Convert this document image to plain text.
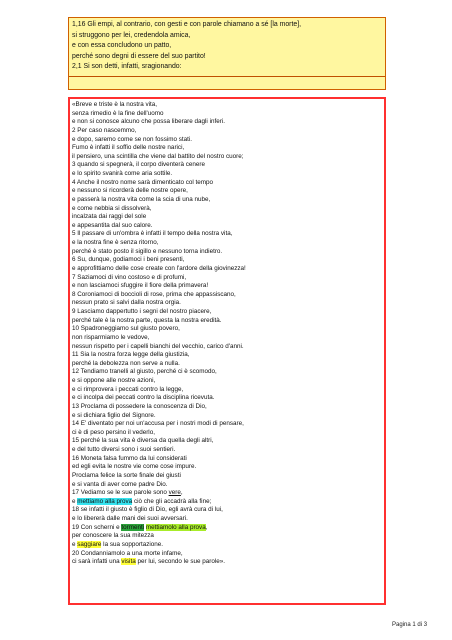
1,16 Gli empi, al contrario, con gesti e con parole chiamano a sé [la morte],
si struggono per lei, credendola amica,
e con essa concludono un patto,
perché sono degni di essere del suo partito!
2,1 Si son detti, infatti, sragionando:
«Breve e triste è la nostra vita,
senza rimedio è la fine dell'uomo
e non si conosce alcuno che possa liberare dagli inferi.
2 Per caso nascemmo,
e dopo, saremo come se non fossimo stati.
Fumo è infatti il soffio delle nostre narici,
il pensiero, una scintilla che viene dal battito del nostro cuore;
3 quando si spegnerà, il corpo diventerà cenere
e lo spirito svanirà come aria sottile.
4 Anche il nostro nome sarà dimenticato col tempo
e nessuno si ricorderà delle nostre opere,
e passerà la nostra vita come la scia di una nube,
e come nebbia si dissolverà,
incalzata dai raggi del sole
e appesantita dal suo calore.
5 Il passare di un'ombra è infatti il tempo della nostra vita,
e la nostra fine è senza ritorno,
perché è stato posto il sigillo e nessuno torna indietro.
6 Su, dunque, godiamoci i beni presenti,
e approfittiamo delle cose create con l'ardore della giovinezza!
7 Saziamoci di vino costoso e di profumi,
e non lasciamoci sfuggire il fiore della primavera!
8 Coroniamoci di boccioli di rose, prima che appassiscano,
nessun prato si salvi dalla nostra orgia.
9 Lasciamo dappertutto i segni del nostro piacere,
perché tale è la nostra parte, questa la nostra eredità.
10 Spadroneggiamo sul giusto povero,
non risparmiamo le vedove,
nessun rispetto per i capelli bianchi del vecchio, carico d'anni.
11 Sia la nostra forza legge della giustizia,
perché la debolezza non serve a nulla.
12 Tendiamo tranelli al giusto, perché ci è scomodo,
e si oppone alle nostre azioni,
e ci rimprovera i peccati contro la legge,
e ci incolpa dei peccati contro la disciplina ricevuta.
13 Proclama di possedere la conoscenza di Dio,
e si dichiara figlio del Signore.
14 E' diventato per noi un'accusa per i nostri modi di pensare,
ci è di peso persino il vederlo,
15 perché la sua vita è diversa da quella degli altri,
e del tutto diversi sono i suoi sentieri.
16 Moneta falsa fummo da lui considerati
ed egli evita le nostre vie come cose impure.
Proclama felice la sorte finale dei giusti
e si vanta di aver come padre Dio.
17 Vediamo se le sue parole sono vere,
e mettiamo alla prova ciò che gli accadrà alla fine;
18 se infatti il giusto è figlio di Dio, egli avrà cura di lui,
e lo libererà dalle mani dei suoi avversari.
19 Con scherni e tormenti mettiamolo alla prova,
per conoscere la sua mitezza
e saggiare la sua sopportazione.
20 Condanniamolo a una morte infame,
ci sarà infatti una visita per lui, secondo le sue parole».
Pagina 1 di 3
